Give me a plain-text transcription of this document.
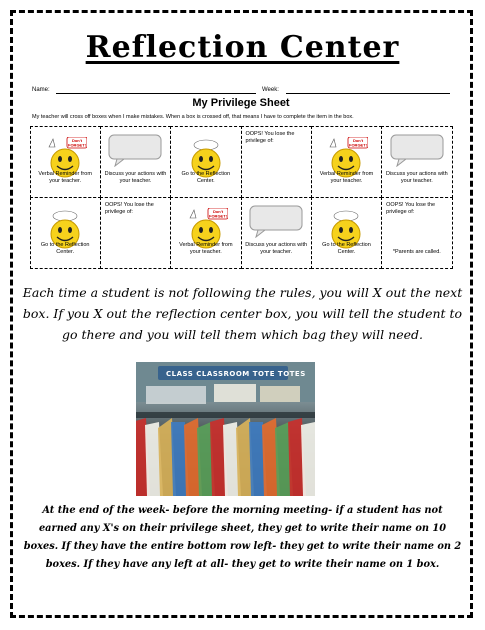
Reflection Center
Name:	Week:
My Privilege Sheet
My teacher will cross off boxes when I make mistakes. When a box is crossed off, that means I have to complete the item in the box.
Don't
FORGET!
Verbal Reminder from your teacher.
Discuss your actions with your teacher.
Go to the Reflection Center.
OOPS! You lose the privilege of:	Don't
FORGET!
Verbal Reminder from your teacher.
Discuss your actions with your teacher.
Go to the Reflection Center.
OOPS! You lose the privilege of:	Don't
FORGET!
Verbal Reminder from your teacher.
Discuss your actions with your teacher.
Go to the Reflection Center.
OOPS! You lose the privilege of:
*Parents are called.

Each time a student is not following the rules, you will X out the next box. If you X out the reflection center box, you will tell the student to go there and you will tell them which bag they will need.

CLASS CLASSROOM TOTE TOTES

At the end of the week- before the morning meeting- if a student has not earned any X's on their privilege sheet, they get to write their name on 10 boxes. If they have the entire bottom row left- they get to write their name on 2 boxes. If they have any left at all- they get to write their name on 1 box.
